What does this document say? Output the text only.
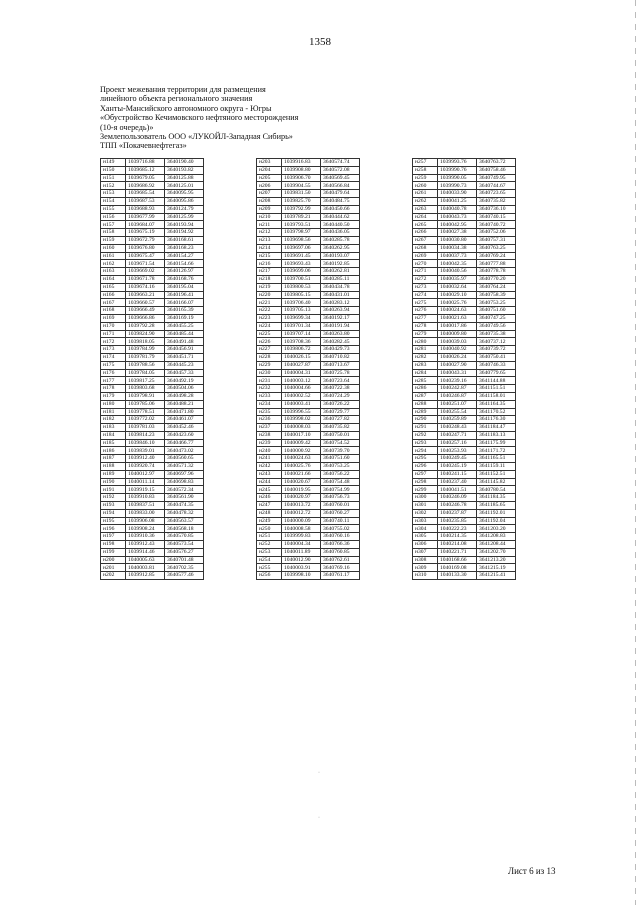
1358
Проект межевания территории для размещения
линейного объекта регионального значения
Ханты-Мансийского автономного округа - Югры
«Обустройство Кечимовского нефтяного месторождения
(10-я очередь)»
Землепользователь ООО «ЛУКОЙЛ-Западная Сибирь»
ТПП «Покачевнефтегаз»
н149	1039716.88	3640190.40
н150	1039685.12	3640193.82
н151	1039679.05	3640125.88
н152	1039686.92	3640125.01
н153	1039685.54	3640095.95
н154	1039687.53	3640095.86
н155	1039688.93	3640124.79
н156	1039677.99	3640125.99
н157	1039684.07	3640193.94
н158	1039675.19	3640194.92
н159	1039672.79	3640168.61
н160	1039676.80	3640168.23
н161	1039675.47	3640154.27
н162	1039671.54	3640154.66
н163	1039669.02	3640126.97
н164	1039671.78	3640168.76
н165	1039674.16	3640195.04
н166	1039663.21	3640196.41
н167	1039660.57	3640166.07
н168	1039666.49	3640165.39
н169	1039666.86	3640169.19
н170	1039792.28	3640455.25
н171	1039824.90	3640485.44
н172	1039818.05	3640491.48
н173	1039784.99	3640456.91
н174	1039781.79	3640451.71
н175	1039788.56	3640445.23
н176	1039784.05	3640457.33
н177	1039817.25	3640492.19
н178	1039803.68	3640504.06
н179	1039798.91	3640498.28
н180	1039785.06	3640488.21
н181	1039778.51	3640471.80
н182	1039772.02	3640461.07
н183	1039781.03	3640452.46
н184	1039814.23	3640423.60
н185	1039846.10	3640466.77
н186	1039839.01	3640473.02
н187	1039912.40	3640560.65
н188	1039920.74	3640571.32
н189	1040012.97	3640697.96
н190	1040011.14	3640698.83
н191	1039919.15	3640572.34
н192	1039910.83	3640561.90
н193	1039837.51	3640474.35
н194	1039833.00	3640478.32
н195	1039906.08	3640563.57
н196	1039908.24	3640568.18
н197	1039910.36	3640570.85
н198	1039912.43	3640573.54
н199	1039914.46	3640576.27
н200	1040005.63	3640701.48
н201	1040003.81	3640702.35
н202	1039912.85	3640577.46
н203	1039916.83	3640574.74
н204	1039908.80	3640572.08
н205	1039906.70	3640569.45
н206	1039904.55	3640566.84
н207	1039831.50	3640479.64
н208	1039825.70	3640484.75
н209	1039792.99	3640450.66
н210	1039789.21	3640444.62
н211	1039793.51	3640440.50
н212	1039798.97	3640436.05
н213	1039698.56	3640285.78
н214	1039697.06	3640262.95
н215	1039691.45	3640193.07
н216	1039693.43	3640192.85
н217	1039699.06	3640262.81
н218	1039700.51	3640285.11
н219	1039800.53	3640434.78
н220	1039805.15	3640431.01
н221	1039706.40	3640283.12
н222	1039705.13	3640263.94
н223	1039699.34	3640192.17
н224	1039701.34	3640191.94
н225	1039707.14	3640263.80
н226	1039708.36	3640282.45
н227	1039806.72	3640429.73
н228	1040026.15	3640710.82
н229	1040027.87	3640713.67
н230	1040004.31	3640725.78
н231	1040003.12	3640723.64
н232	1040004.66	3640722.38
н233	1040002.52	3640724.29
н234	1040003.41	3640726.22
н235	1039996.55	3640729.77
н236	1039998.02	3640727.82
н237	1040008.03	3640735.82
н238	1040017.10	3640750.01
н239	1040009.42	3640754.52
н240	1040000.92	3640739.70
н241	1040024.63	3640751.60
н242	1040025.76	3640753.25
н243	1040021.66	3640756.22
н244	1040020.67	3640754.48
н245	1040019.95	3640754.99
н246	1040020.97	3640756.73
н247	1040013.72	3640760.01
н248	1040012.72	3640760.27
н249	1040000.09	3640740.11
н250	1040008.58	3640755.02
н251	1039999.83	3640760.16
н252	1040004.34	3640766.36
н253	1040011.89	3640760.85
н254	1040012.90	3640762.61
н255	1040003.91	3640769.16
н256	1039998.10	3640761.17
н257	1039993.76	3640763.72
н258	1039990.76	3640758.46
н259	1039990.05	3640749.95
н260	1039990.73	3640744.67
н261	1040033.90	3640723.65
н262	1040041.25	3640735.82
н263	1040040.78	3640736.10
н264	1040043.73	3640740.15
н265	1040042.95	3640740.72
н266	1040027.38	3640752.06
н267	1040030.80	3640757.31
н268	1040034.38	3640763.25
н269	1040037.73	3640769.24
н270	1040042.35	3640777.88
н271	1040040.56	3640778.78
н272	1040035.97	3640770.20
н273	1040032.64	3640764.24
н274	1040029.10	3640758.39
н275	1040025.76	3640753.25
н276	1040024.63	3640751.60
н277	1040021.63	3640747.25
н278	1040017.86	3640749.56
н279	1040009.80	3640735.38
н280	1040039.03	3640737.12
н281	1040040.92	3640739.72
н282	1040026.24	3640750.41
н283	1040027.90	3640746.33
н284	1040043.31	3640779.65
н285	1040239.16	3641144.88
н286	1040242.87	3641151.51
н287	1040246.87	3641158.01
н288	1040251.07	3641164.35
н289	1040255.54	3641170.52
н290	1040259.89	3641176.30
н291	1040248.43	3641184.47
н292	1040247.71	3641183.13
н293	1040257.16	3641175.99
н294	1040253.93	3641171.72
н295	1040249.45	3641165.51
н296	1040245.19	3641159.11
н297	1040241.15	3641152.51
н298	1040237.40	3641145.82
н299	1040041.51	3640780.54
н300	1040246.09	3641184.35
н301	1040246.78	3641185.65
н302	1040237.87	3641192.01
н303	1040235.85	3641192.04
н304	1040222.23	3641203.20
н305	1040214.35	3641208.83
н306	1040214.08	3641208.44
н307	1040221.71	3641202.70
н308	1040168.66	3641213.20
н309	1040169.08	3641215.19
н310	1040133.30	3641215.41
·
·
Лист 6 из 13
